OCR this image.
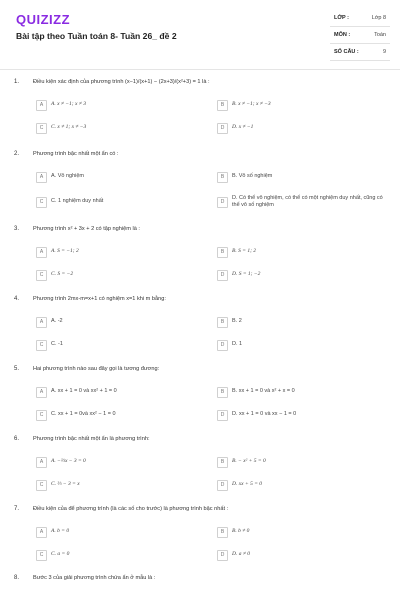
QUIZIZZ
Bài tập theo Tuần toán 8- Tuần 26_ đề 2
LỚP :	Lớp 8
MÔN :	Toán
SỐ CÂU :	9
1. Điều kiện xác định của phương trình (x−1)/(x+1) − (2x+3)/(x²+3) = 1 là :
A	A. x ≠ −1; x ≠ 3	B	B. x ≠ −1; x ≠ −3
C	C. x ≠ 1; x ≠ −3	D	D. x ≠ −1
2. Phương trình bậc nhất một ẩn có :
A	A. Vô nghiệm	B	B. Vô số nghiệm
C	C. 1 nghiệm duy nhất	D
D. Có thể vô nghiệm, có thể có một nghiệm duy nhất, cũng có thể vô số nghiệm
3. Phương trình x² + 3x + 2 có tập nghiệm là :
A	A. S = −1; 2	B	B. S = 1; 2
C	C. S = −2	D	D. S = 1; −2
4. Phương trình 2mx-m=x+1 có nghiệm x=1 khi m bằng:
A	A. -2	B	B. 2
C	C. -1	D	D. 1
5. Hai phương trình nào sau đây gọi là tương đương:
A	A. xx + 1 = 0 và xx² + 1 = 0	B	B. xx + 1 = 0 và x² + x = 0
C	C. xx + 1 = 0và xx² − 1 = 0	D	D. xx + 1 = 0 và xx − 1 = 0
6. Phương trình bậc nhất một ẩn là phương trình:
A	A. −⅔x − 3 = 0	B	B. − x² + 5 = 0
C	C. ⅔ − 3 = x	D	D. xx + 5 = 0
7. Điều kiện của để phương trình (là các số cho trước) là phương trình bậc nhất :
A	A. b = 0	B	B. b ≠ 0
C	C. a = 0	D	D. a ≠ 0
8. Bước 3 của giải phương trình chứa ẩn ở mẫu là :
